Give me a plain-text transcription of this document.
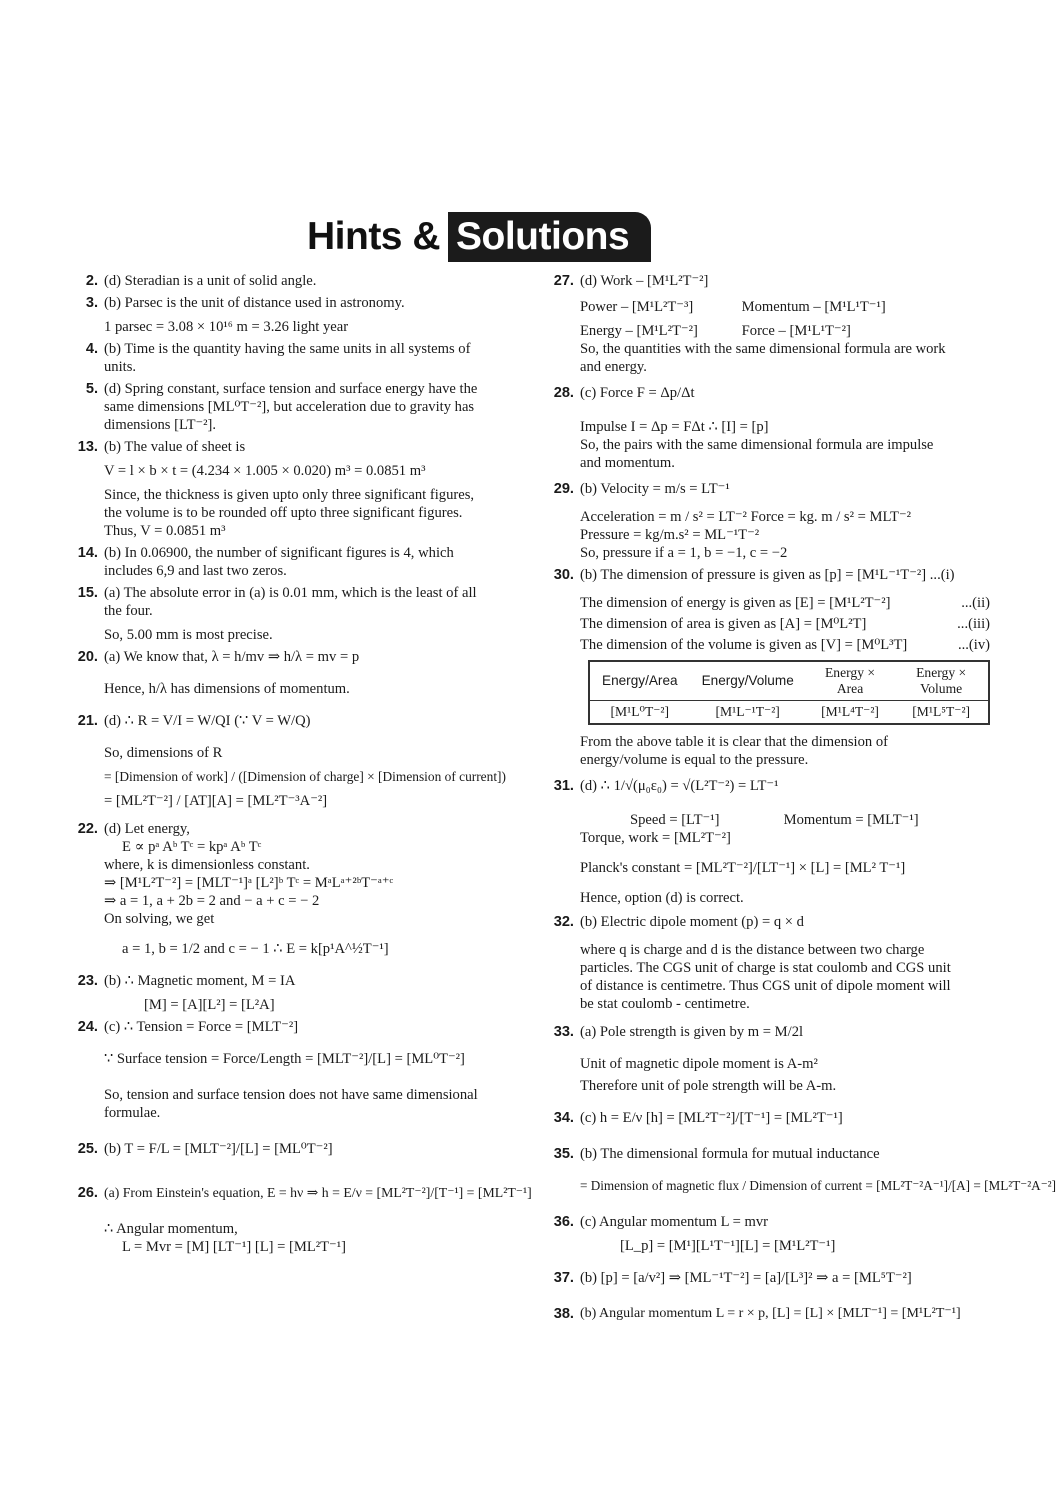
Hints & Solutions
2. (d) Steradian is a unit of solid angle.
3. (b) Parsec is the unit of distance used in astronomy.
1 parsec = 3.08 × 10¹⁶ m = 3.26 light year
4. (b) Time is the quantity having the same units in all systems of
units.
5. (d) Spring constant, surface tension and surface energy have the
same dimensions [ML⁰T⁻²], but acceleration due to gravity has
dimensions [LT⁻²].
13. (b) The value of sheet is
V = l × b × t = (4.234 × 1.005 × 0.020) m³ = 0.0851 m³
Since, the thickness is given upto only three significant figures,
the volume is to be rounded off upto three significant figures.
Thus, V = 0.0851 m³
14. (b) In 0.06900, the number of significant figures is 4, which
includes 6,9 and last two zeros.
15. (a) The absolute error in (a) is 0.01 mm, which is the least of all
the four.
So, 5.00 mm is most precise.
20. (a) We know that, λ = h/mv ⇒ h/λ = mv = p
Hence, h/λ has dimensions of momentum.
21. (d) ∴ R = V/I = W/QI (∵ V = W/Q)
So, dimensions of R
= [Dimension of work] / ([Dimension of charge] × [Dimension of current])
= [ML²T⁻²] / [AT][A] = [ML²T⁻³A⁻²]
22. (d) Let energy,
E ∝ pᵃ Aᵇ Tᶜ = kpᵃ Aᵇ Tᶜ
where, k is dimensionless constant.
⇒ [M¹L²T⁻²] = [MLT⁻¹]ᵃ [L²]ᵇ Tᶜ = MᵃLᵃ⁺²ᵇT⁻ᵃ⁺ᶜ
⇒ a = 1, a + 2b = 2 and − a + c = − 2
On solving, we get
a = 1, b = 1/2 and c = − 1 ∴ E = k[p¹A^½T⁻¹]
23. (b) ∴ Magnetic moment, M = IA
[M] = [A][L²] = [L²A]
24. (c) ∴ Tension = Force = [MLT⁻²]
∵ Surface tension = Force/Length = [MLT⁻²]/[L] = [ML⁰T⁻²]
So, tension and surface tension does not have same dimensional
formulae.
25. (b) T = F/L = [MLT⁻²]/[L] = [ML⁰T⁻²]
26. (a) From Einstein's equation, E = hν ⇒ h = E/ν = [ML²T⁻²]/[T⁻¹] = [ML²T⁻¹]
∴ Angular momentum,
L = Mvr = [M] [LT⁻¹] [L] = [ML²T⁻¹]
27. (d) Work – [M¹L²T⁻²]
Power – [M¹L²T⁻³]	Momentum – [M¹L¹T⁻¹]
Energy – [M¹L²T⁻²]	Force – [M¹L¹T⁻²]
So, the quantities with the same dimensional formula are work
and energy.
28. (c) Force F = Δp/Δt
Impulse I = Δp = FΔt ∴ [I] = [p]
So, the pairs with the same dimensional formula are impulse
and momentum.
29. (b) Velocity = m/s = LT⁻¹
Acceleration = m / s² = LT⁻² Force = kg. m / s² = MLT⁻²
Pressure = kg/m.s² = ML⁻¹T⁻²
So, pressure if a = 1, b = −1, c = −2
30. (b) The dimension of pressure is given as [p] = [M¹L⁻¹T⁻²] ...(i)
The dimension of energy is given as [E] = [M¹L²T⁻²]	...(ii)
The dimension of area is given as [A] = [M⁰L²T]	...(iii)
The dimension of the volume is given as [V] = [M⁰L³T]	...(iv)
Energy/Area	Energy/Volume	Energy × Area	Energy × Volume
[M¹L⁰T⁻²]	[M¹L⁻¹T⁻²]	[M¹L⁴T⁻²]	[M¹L⁵T⁻²]
From the above table it is clear that the dimension of
energy/volume is equal to the pressure.
31. (d) ∴ 1/√(μ₀ε₀) = √(L²T⁻²) = LT⁻¹
Speed = [LT⁻¹]	Momentum = [MLT⁻¹]
Torque, work = [ML²T⁻²]
Planck's constant = [ML²T⁻²]/[LT⁻¹] × [L] = [ML² T⁻¹]
Hence, option (d) is correct.
32. (b) Electric dipole moment (p) = q × d
where q is charge and d is the distance between two charge
particles. The CGS unit of charge is stat coulomb and CGS unit
of distance is centimetre. Thus CGS unit of dipole moment will
be stat coulomb - centimetre.
33. (a) Pole strength is given by m = M/2l
Unit of magnetic dipole moment is A-m²
Therefore unit of pole strength will be A-m.
34. (c) h = E/ν [h] = [ML²T⁻²]/[T⁻¹] = [ML²T⁻¹]
35. (b) The dimensional formula for mutual inductance
= Dimension of magnetic flux / Dimension of current = [ML²T⁻²A⁻¹]/[A] = [ML²T⁻²A⁻²]
36. (c) Angular momentum L = mvr
[L_p] = [M¹][L¹T⁻¹][L] = [M¹L²T⁻¹]
37. (b) [p] = [a/v²] ⇒ [ML⁻¹T⁻²] = [a]/[L³]² ⇒ a = [ML⁵T⁻²]
38. (b) Angular momentum L = r × p, [L] = [L] × [MLT⁻¹] = [M¹L²T⁻¹]
